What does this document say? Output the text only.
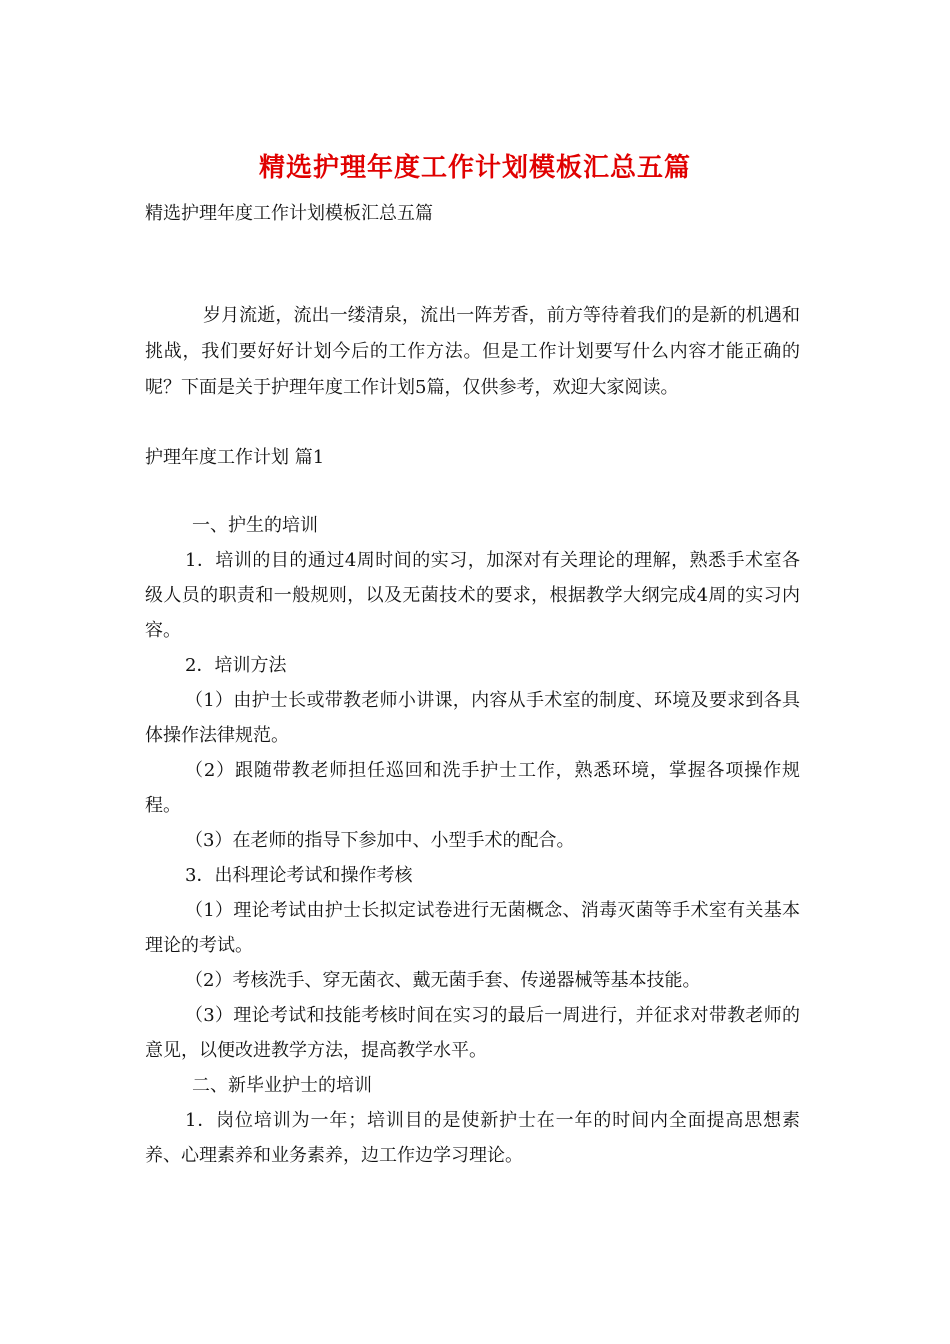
精选护理年度工作计划模板汇总五篇
精选护理年度工作计划模板汇总五篇

岁月流逝，流出一缕清泉，流出一阵芳香，前方等待着我们的是新的机遇和挑战，我们要好好计划今后的工作方法。但是工作计划要写什么内容才能正确的呢？下面是关于护理年度工作计划5篇，仅供参考，欢迎大家阅读。

护理年度工作计划 篇1

一、护生的培训

1．培训的目的通过4周时间的实习，加深对有关理论的理解，熟悉手术室各级人员的职责和一般规则，以及无菌技术的要求，根据教学大纲完成4周的实习内容。

2．培训方法

（1）由护士长或带教老师小讲课，内容从手术室的制度、环境及要求到各具体操作法律规范。

（2）跟随带教老师担任巡回和洗手护士工作，熟悉环境，掌握各项操作规程。

（3）在老师的指导下参加中、小型手术的配合。

3．出科理论考试和操作考核

（1）理论考试由护士长拟定试卷进行无菌概念、消毒灭菌等手术室有关基本理论的考试。

（2）考核洗手、穿无菌衣、戴无菌手套、传递器械等基本技能。

（3）理论考试和技能考核时间在实习的最后一周进行，并征求对带教老师的意见，以便改进教学方法，提高教学水平。

二、新毕业护士的培训

1．岗位培训为一年；培训目的是使新护士在一年的时间内全面提高思想素养、心理素养和业务素养，边工作边学习理论。
